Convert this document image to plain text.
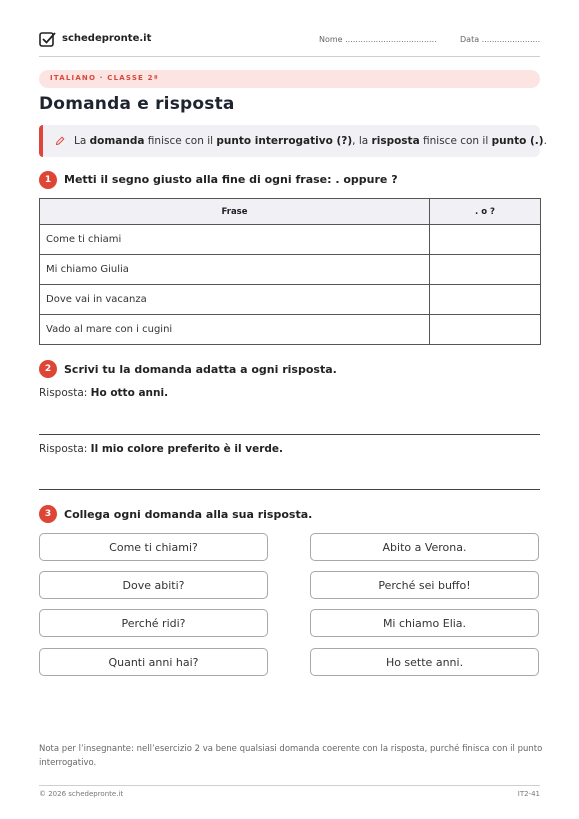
schedepronte.it	Nome ....................................	Data .......................
ITALIANO · CLASSE 2ª
Domanda e risposta
La domanda finisce con il punto interrogativo (?), la risposta finisce con il punto (.).
1	Metti il segno giusto alla fine di ogni frase: . oppure ?
Frase	. o ?
Come ti chiami	
Mi chiamo Giulia	
Dove vai in vacanza	
Vado al mare con i cugini	
2	Scrivi tu la domanda adatta a ogni risposta.
Risposta: Ho otto anni.
Risposta: Il mio colore preferito è il verde.
3	Collega ogni domanda alla sua risposta.
Come ti chiami?
Dove abiti?
Perché ridi?
Quanti anni hai?
Abito a Verona.
Perché sei buffo!
Mi chiamo Elia.
Ho sette anni.
Nota per l’insegnante: nell’esercizio 2 va bene qualsiasi domanda coerente con la risposta, purché finisca con il punto interrogativo.
© 2026 schedepronte.it	IT2-41
